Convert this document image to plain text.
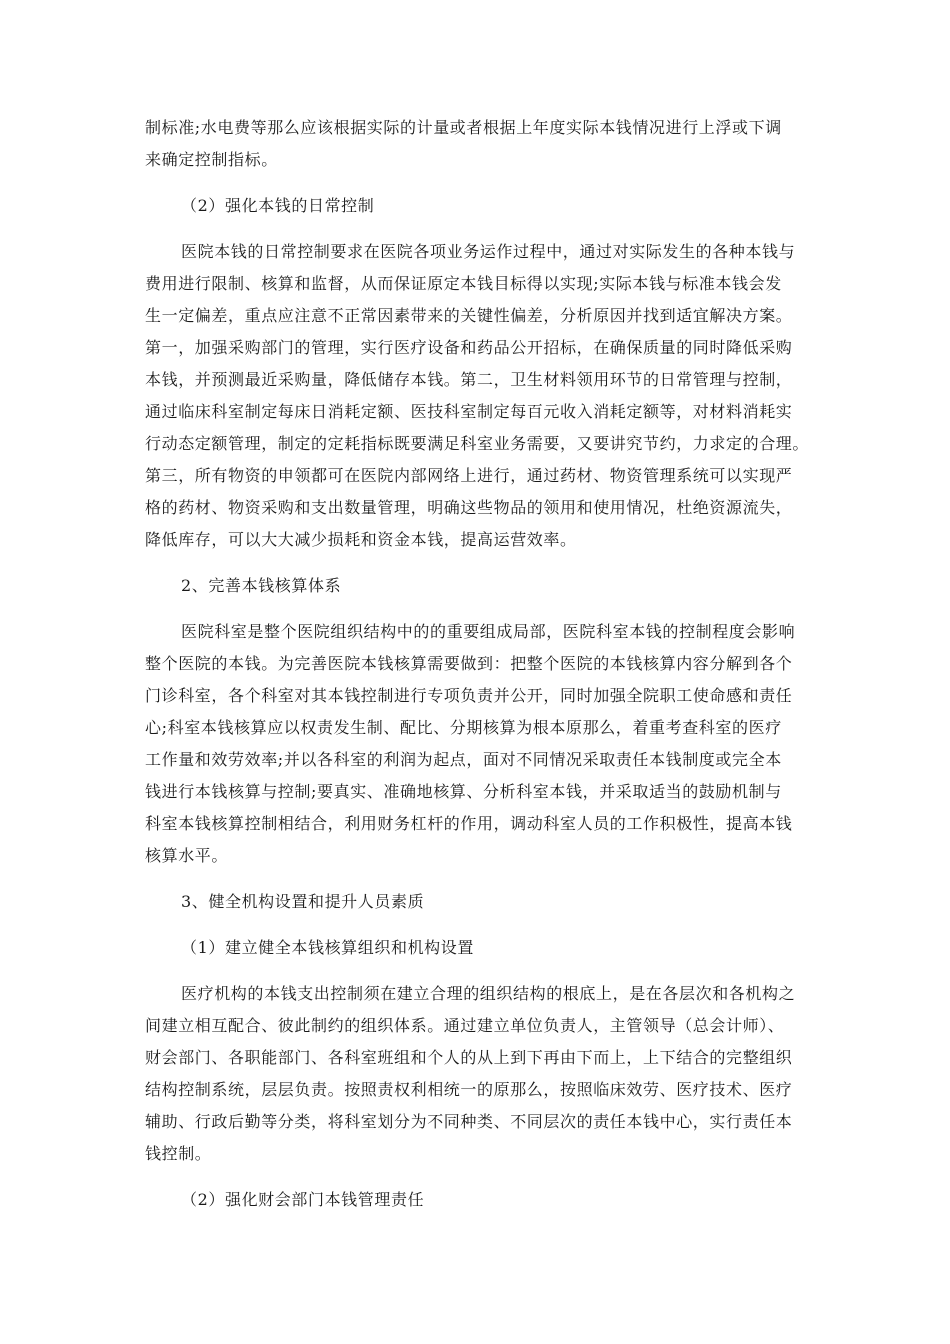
制标准;水电费等那么应该根据实际的计量或者根据上年度实际本钱情况进行上浮或下调
来确定控制指标。
（2）强化本钱的日常控制
医院本钱的日常控制要求在医院各项业务运作过程中，通过对实际发生的各种本钱与
费用进行限制、核算和监督，从而保证原定本钱目标得以实现;实际本钱与标准本钱会发
生一定偏差，重点应注意不正常因素带来的关键性偏差，分析原因并找到适宜解决方案。
第一，加强采购部门的管理，实行医疗设备和药品公开招标，在确保质量的同时降低采购
本钱，并预测最近采购量，降低储存本钱。第二，卫生材料领用环节的日常管理与控制，
通过临床科室制定每床日消耗定额、医技科室制定每百元收入消耗定额等，对材料消耗实
行动态定额管理，制定的定耗指标既要满足科室业务需要，又要讲究节约，力求定的合理。
第三，所有物资的申领都可在医院内部网络上进行，通过药材、物资管理系统可以实现严
格的药材、物资采购和支出数量管理，明确这些物品的领用和使用情况，杜绝资源流失，
降低库存，可以大大减少损耗和资金本钱，提高运营效率。
2、完善本钱核算体系
医院科室是整个医院组织结构中的的重要组成局部，医院科室本钱的控制程度会影响
整个医院的本钱。为完善医院本钱核算需要做到：把整个医院的本钱核算内容分解到各个
门诊科室，各个科室对其本钱控制进行专项负责并公开，同时加强全院职工使命感和责任
心;科室本钱核算应以权责发生制、配比、分期核算为根本原那么，着重考查科室的医疗
工作量和效劳效率;并以各科室的利润为起点，面对不同情况采取责任本钱制度或完全本
钱进行本钱核算与控制;要真实、准确地核算、分析科室本钱，并采取适当的鼓励机制与
科室本钱核算控制相结合，利用财务杠杆的作用，调动科室人员的工作积极性，提高本钱
核算水平。
3、健全机构设置和提升人员素质
（1）建立健全本钱核算组织和机构设置
医疗机构的本钱支出控制须在建立合理的组织结构的根底上，是在各层次和各机构之
间建立相互配合、彼此制约的组织体系。通过建立单位负责人，主管领导（总会计师）、
财会部门、各职能部门、各科室班组和个人的从上到下再由下而上，上下结合的完整组织
结构控制系统，层层负责。按照责权利相统一的原那么，按照临床效劳、医疗技术、医疗
辅助、行政后勤等分类，将科室划分为不同种类、不同层次的责任本钱中心，实行责任本
钱控制。
（2）强化财会部门本钱管理责任
